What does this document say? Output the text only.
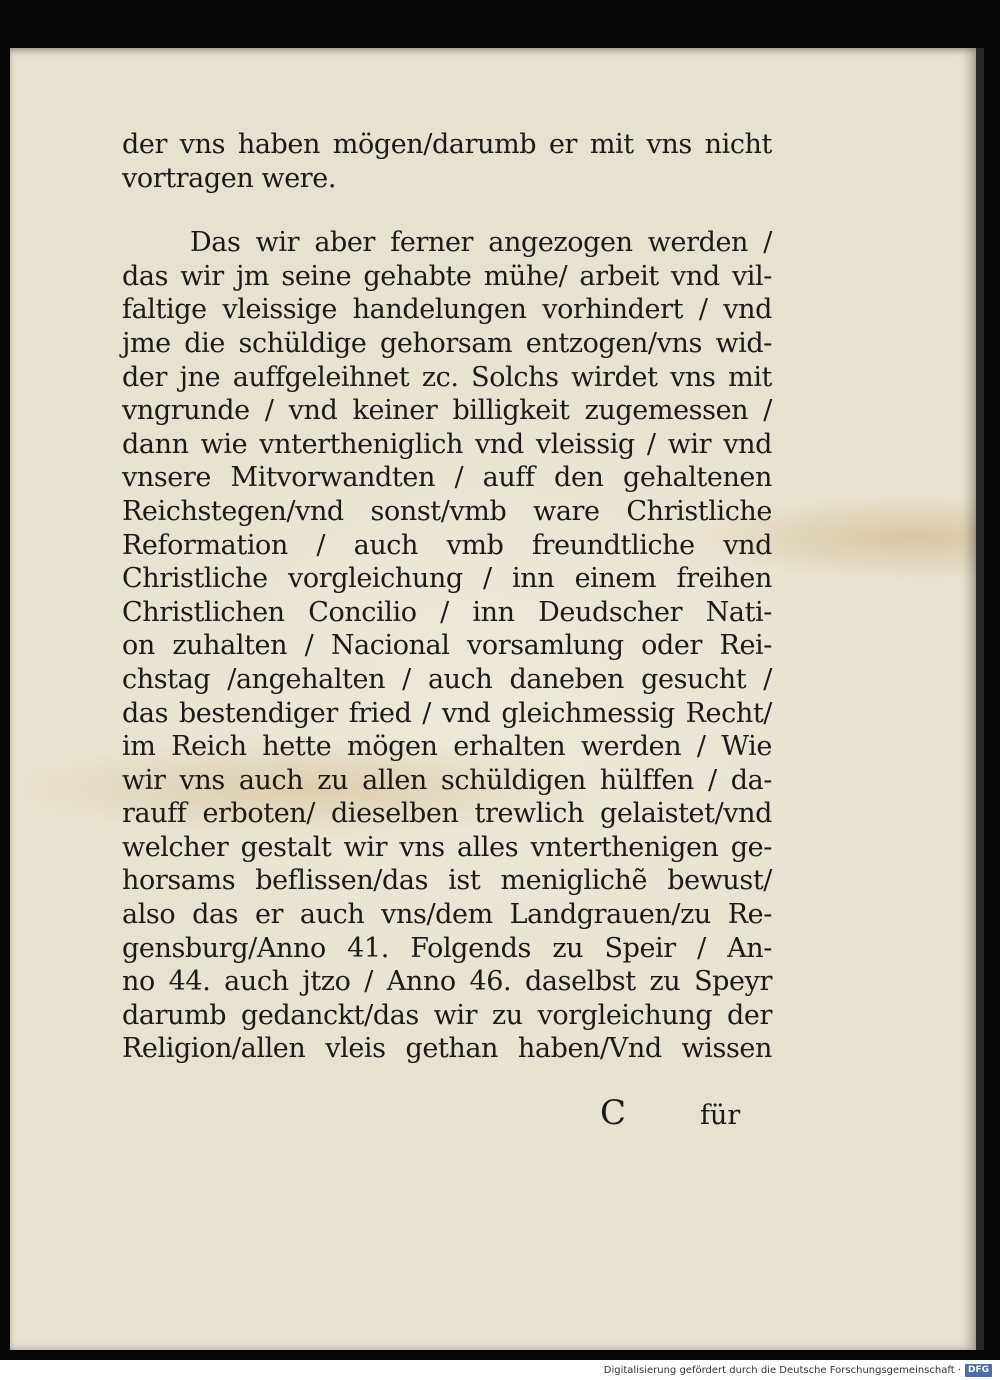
der vns haben mögen/darumb er mit vns nicht
vortragen were.
Das wir aber ferner angezogen werden /
das wir jm seine gehabte mühe/ arbeit vnd vil-
faltige vleissige handelungen vorhindert / vnd
jme die schüldige gehorsam entzogen/vns wid-
der jne auffgeleihnet zc. Solchs wirdet vns mit
vngrunde / vnd keiner billigkeit zugemessen /
dann wie vntertheniglich vnd vleissig / wir vnd
vnsere Mitvorwandten / auff den gehaltenen
Reichstegen/vnd sonst/vmb ware Christliche
Reformation / auch vmb freundtliche vnd
Christliche vorgleichung / inn einem freihen
Christlichen Concilio / inn Deudscher Nati-
on zuhalten / Nacional vorsamlung oder Rei-
chstag /angehalten / auch daneben gesucht /
das bestendiger fried / vnd gleichmessig Recht/
im Reich hette mögen erhalten werden / Wie
wir vns auch zu allen schüldigen hülffen / da-
rauff erboten/ dieselben trewlich gelaistet/vnd
welcher gestalt wir vns alles vnterthenigen ge-
horsams beflissen/das ist meniglichẽ bewust/
also das er auch vns/dem Landgrauen/zu Re-
gensburg/Anno 41. Folgends zu Speir / An-
no 44. auch jtzo / Anno 46. daselbst zu Speyr
darumb gedanckt/das wir zu vorgleichung der
Religion/allen vleis gethan haben/Vnd wissen
C	für
Digitalisierung gefördert durch die Deutsche Forschungsgemeinschaft · DFG
